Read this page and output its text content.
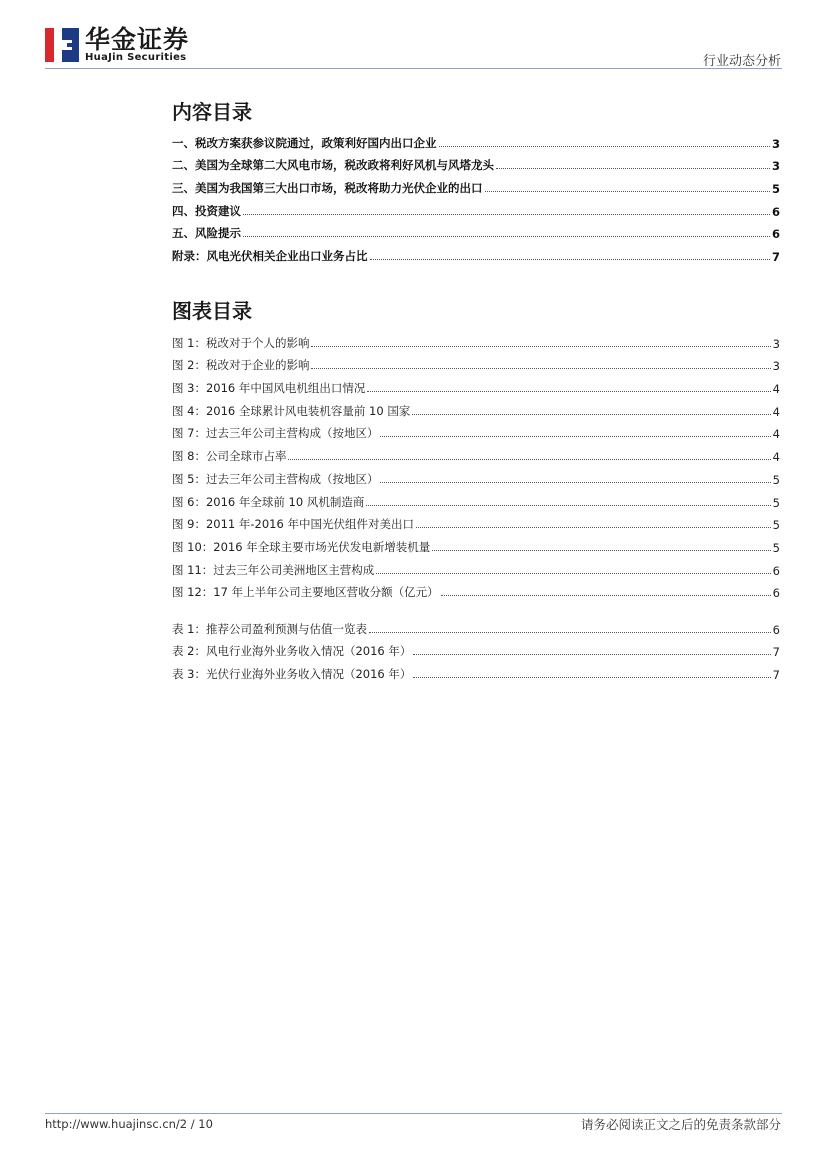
华金证券
HuaJin Securities	行业动态分析
内容目录
一、税改方案获参议院通过，政策利好国内出口企业	3
二、美国为全球第二大风电市场，税改政将利好风机与风塔龙头	3
三、美国为我国第三大出口市场，税改将助力光伏企业的出口	5
四、投资建议	6
五、风险提示	6
附录：风电光伏相关企业出口业务占比	7
图表目录
图 1：税改对于个人的影响	3
图 2：税改对于企业的影响	3
图 3：2016 年中国风电机组出口情况	4
图 4：2016 全球累计风电装机容量前 10 国家	4
图 7：过去三年公司主营构成（按地区）	4
图 8：公司全球市占率	4
图 5：过去三年公司主营构成（按地区）	5
图 6：2016 年全球前 10 风机制造商	5
图 9：2011 年-2016 年中国光伏组件对美出口	5
图 10：2016 年全球主要市场光伏发电新增装机量	5
图 11：过去三年公司美洲地区主营构成	6
图 12：17 年上半年公司主要地区营收分额（亿元）	6
表 1：推荐公司盈利预测与估值一览表	6
表 2：风电行业海外业务收入情况（2016 年）	7
表 3：光伏行业海外业务收入情况（2016 年）	7
http://www.huajinsc.cn/2 / 10	请务必阅读正文之后的免责条款部分
